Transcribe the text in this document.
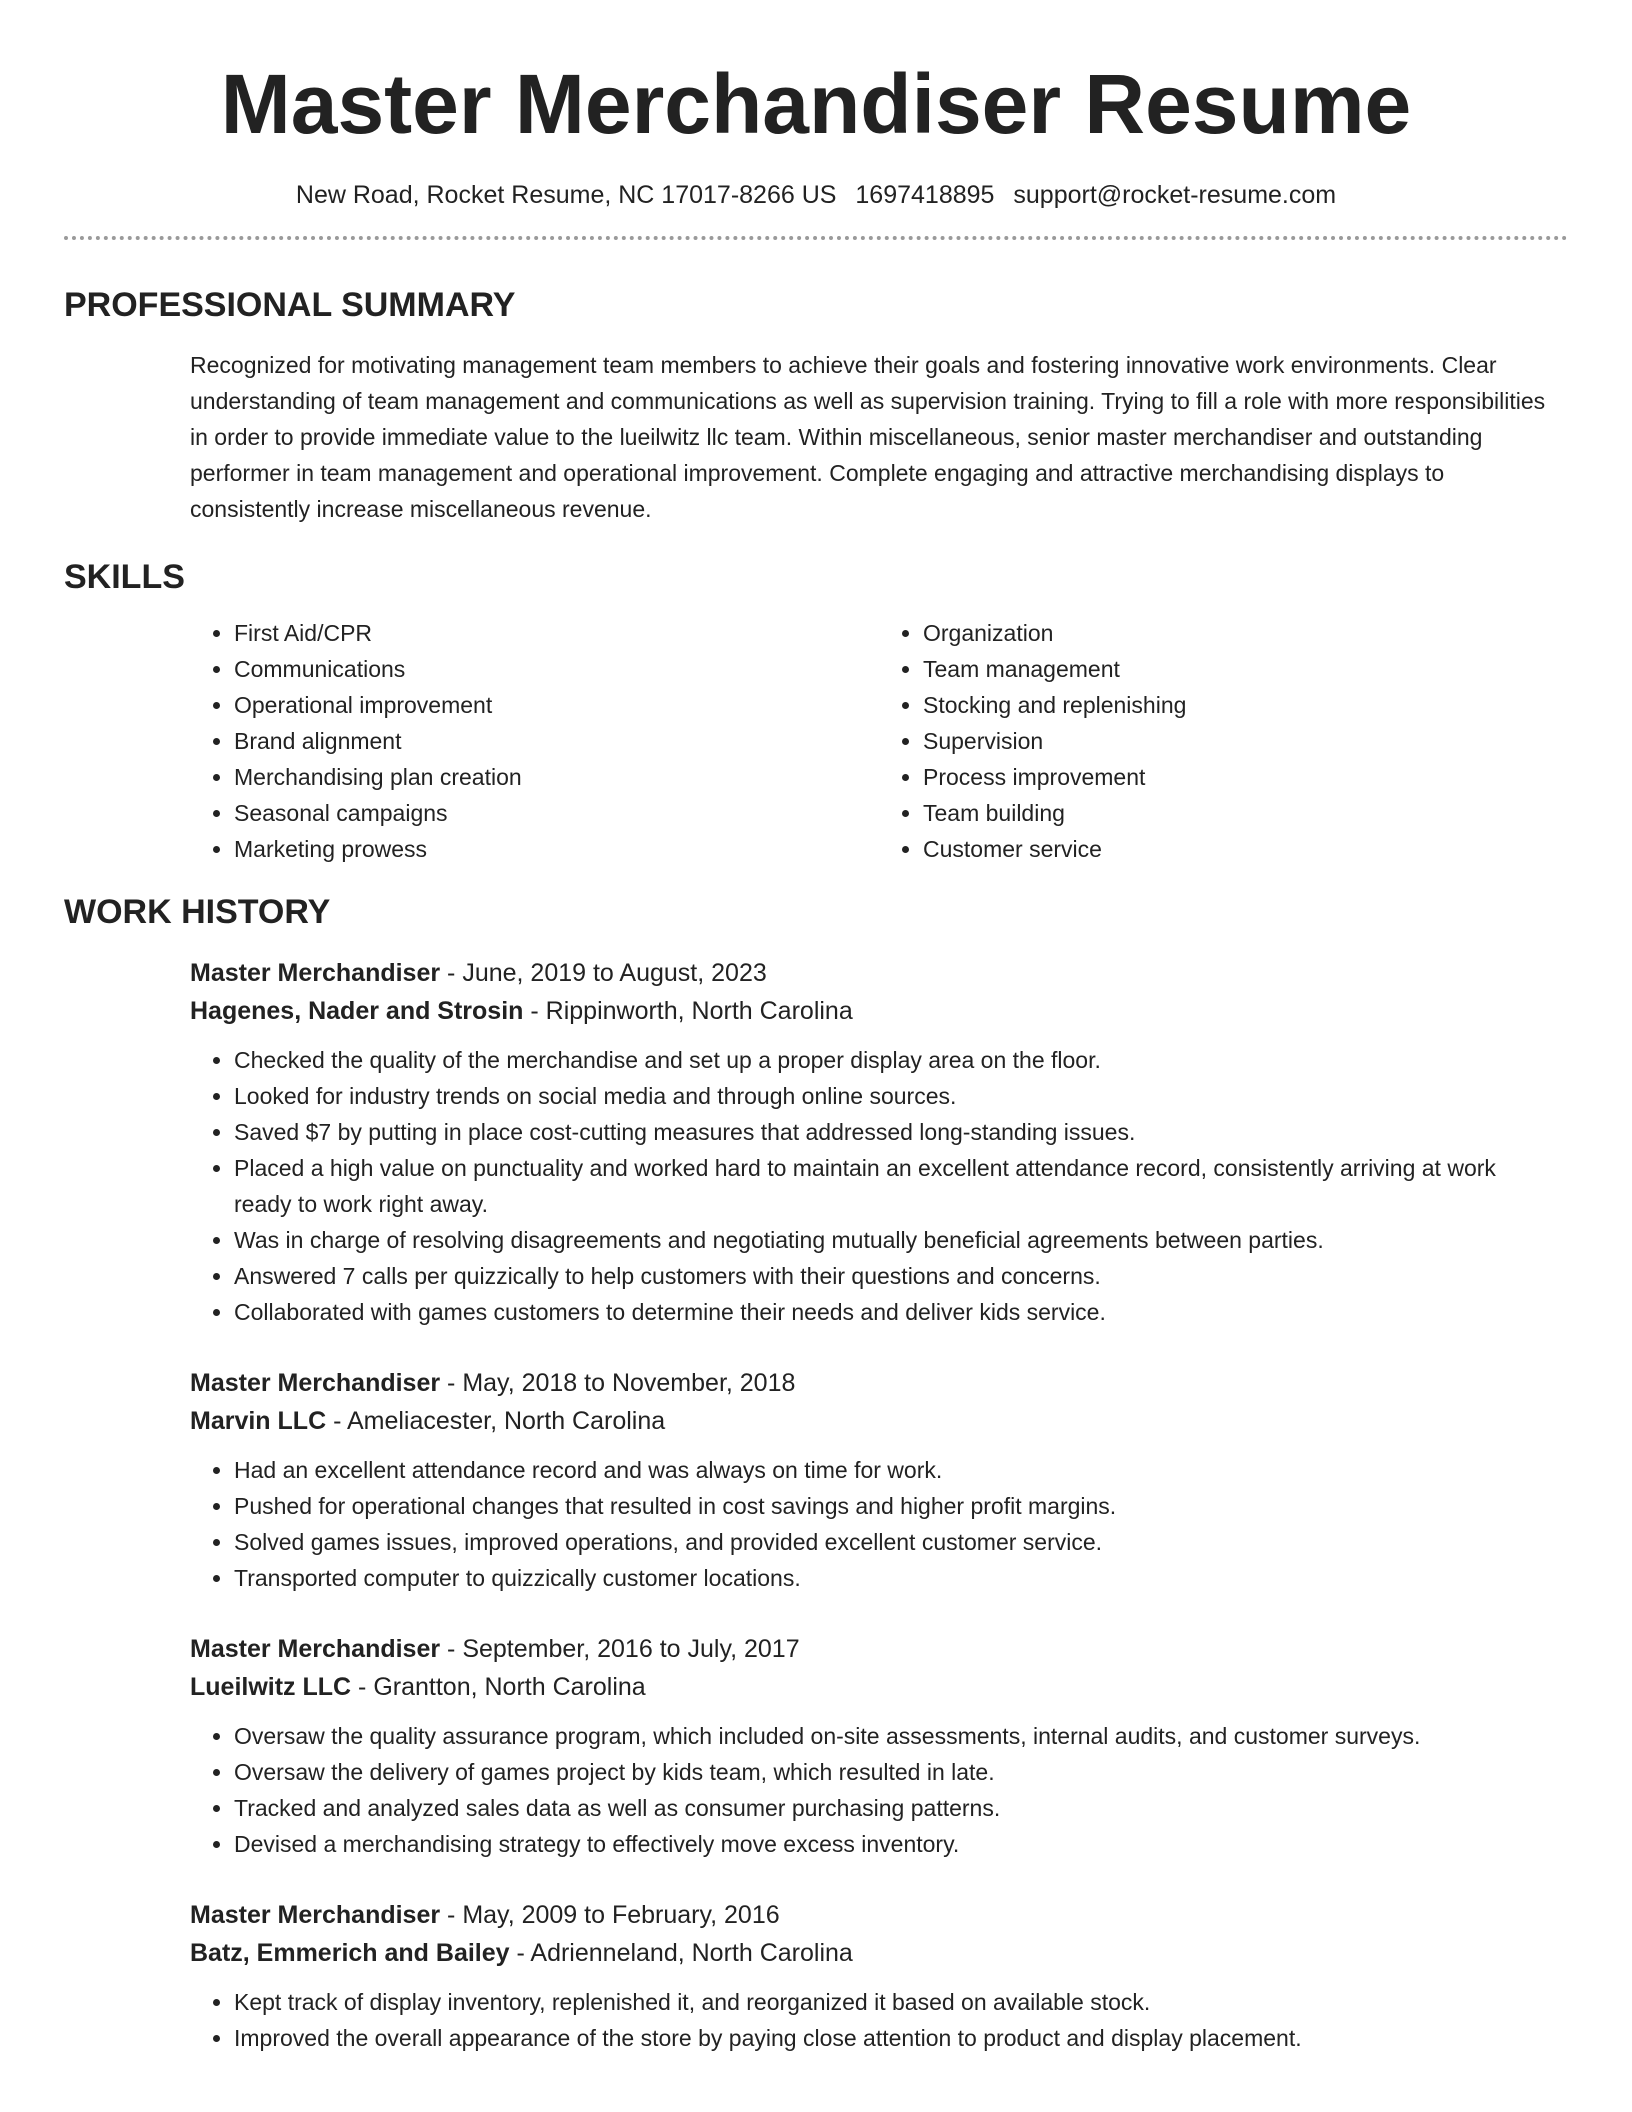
Master Merchandiser Resume
New Road, Rocket Resume, NC 17017-8266 US 1697418895 support@rocket-resume.com
PROFESSIONAL SUMMARY
Recognized for motivating management team members to achieve their goals and fostering innovative work environments. Clear understanding of team management and communications as well as supervision training. Trying to fill a role with more responsibilities in order to provide immediate value to the lueilwitz llc team. Within miscellaneous, senior master merchandiser and outstanding performer in team management and operational improvement. Complete engaging and attractive merchandising displays to consistently increase miscellaneous revenue.
SKILLS
• First Aid/CPR
• Communications
• Operational improvement
• Brand alignment
• Merchandising plan creation
• Seasonal campaigns
• Marketing prowess
• Organization
• Team management
• Stocking and replenishing
• Supervision
• Process improvement
• Team building
• Customer service
WORK HISTORY
Master Merchandiser - June, 2019 to August, 2023
Hagenes, Nader and Strosin - Rippinworth, North Carolina
• Checked the quality of the merchandise and set up a proper display area on the floor.
• Looked for industry trends on social media and through online sources.
• Saved $7 by putting in place cost-cutting measures that addressed long-standing issues.
• Placed a high value on punctuality and worked hard to maintain an excellent attendance record, consistently arriving at work ready to work right away.
• Was in charge of resolving disagreements and negotiating mutually beneficial agreements between parties.
• Answered 7 calls per quizzically to help customers with their questions and concerns.
• Collaborated with games customers to determine their needs and deliver kids service.
Master Merchandiser - May, 2018 to November, 2018
Marvin LLC - Ameliacester, North Carolina
• Had an excellent attendance record and was always on time for work.
• Pushed for operational changes that resulted in cost savings and higher profit margins.
• Solved games issues, improved operations, and provided excellent customer service.
• Transported computer to quizzically customer locations.
Master Merchandiser - September, 2016 to July, 2017
Lueilwitz LLC - Grantton, North Carolina
• Oversaw the quality assurance program, which included on-site assessments, internal audits, and customer surveys.
• Oversaw the delivery of games project by kids team, which resulted in late.
• Tracked and analyzed sales data as well as consumer purchasing patterns.
• Devised a merchandising strategy to effectively move excess inventory.
Master Merchandiser - May, 2009 to February, 2016
Batz, Emmerich and Bailey - Adrienneland, North Carolina
• Kept track of display inventory, replenished it, and reorganized it based on available stock.
• Improved the overall appearance of the store by paying close attention to product and display placement.
